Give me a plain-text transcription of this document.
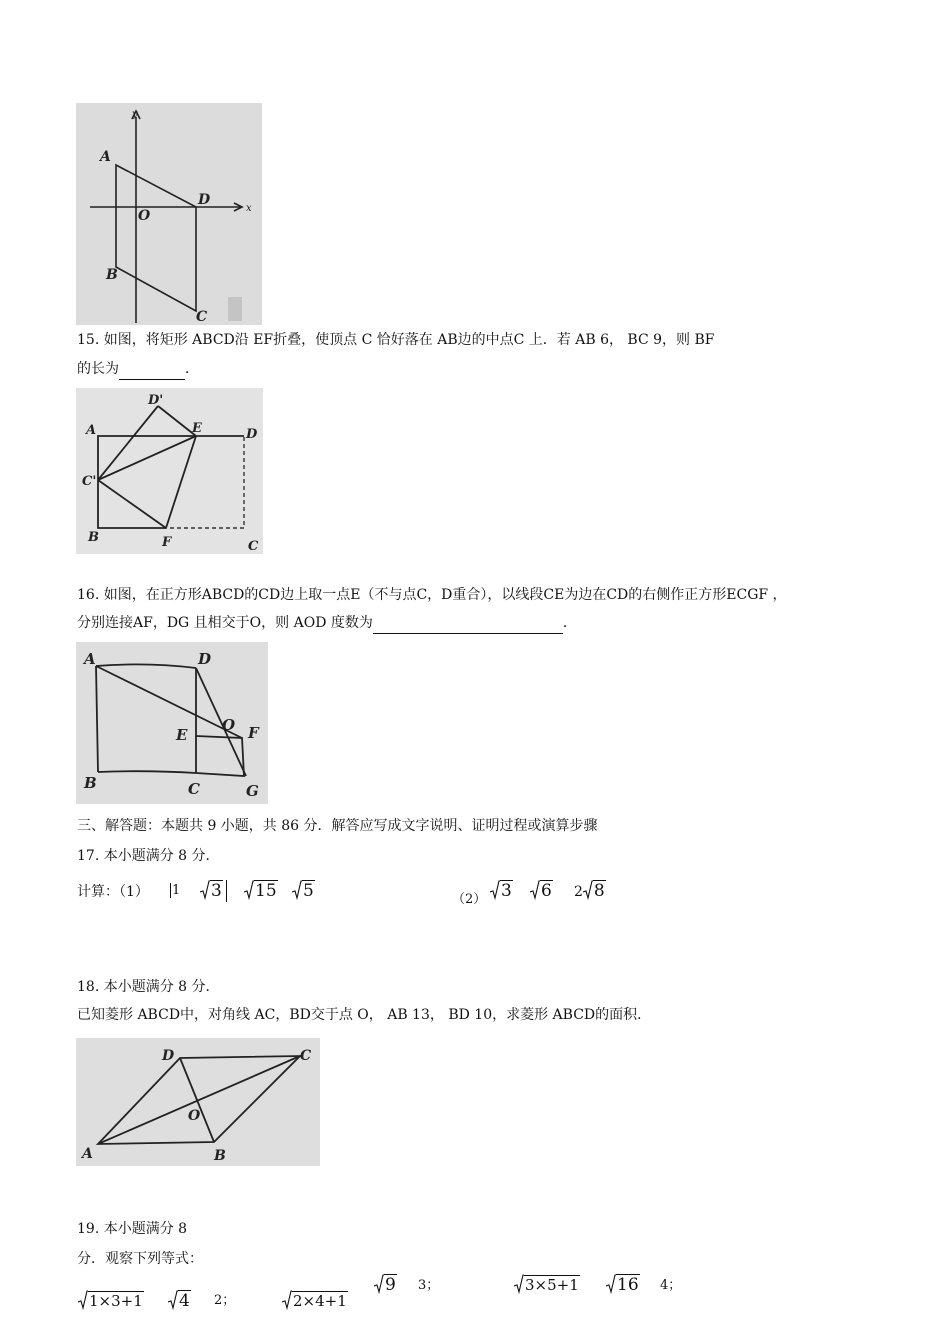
y
x
A
O
D
B
C
15. 如图，将矩形 ABCD沿 EF折叠，使顶点 C 恰好落在 AB边的中点C 上．若 AB 6， BC 9，则 BF
的长为	．
D'
A	E	D
C'
B	F	C
16. 如图，在正方形ABCD的CD边上取一点E（不与点C，D重合），以线段CE为边在CD的右侧作正方形ECGF ，
分别连接AF，DG 且相交于O，则 AOD 度数为	．
A	D
O
E	F
B	C	G
三、解答题：本题共 9 小题，共 86 分．解答应写成文字说明、证明过程或演算步骤
17. 本小题满分 8 分．
计算：（1） 1	3	15	5	（2） 3	6 2 8
18. 本小题满分 8 分．
已知菱形 ABCD中，对角线 AC，BD交于点 O， AB 13， BD 10，求菱形 ABCD的面积．
D	C
O
A	B
19. 本小题满分 8
分．观察下列等式：
1×3+1	4 2；	2×4+1
9 3；	3×5+1	16 4；
